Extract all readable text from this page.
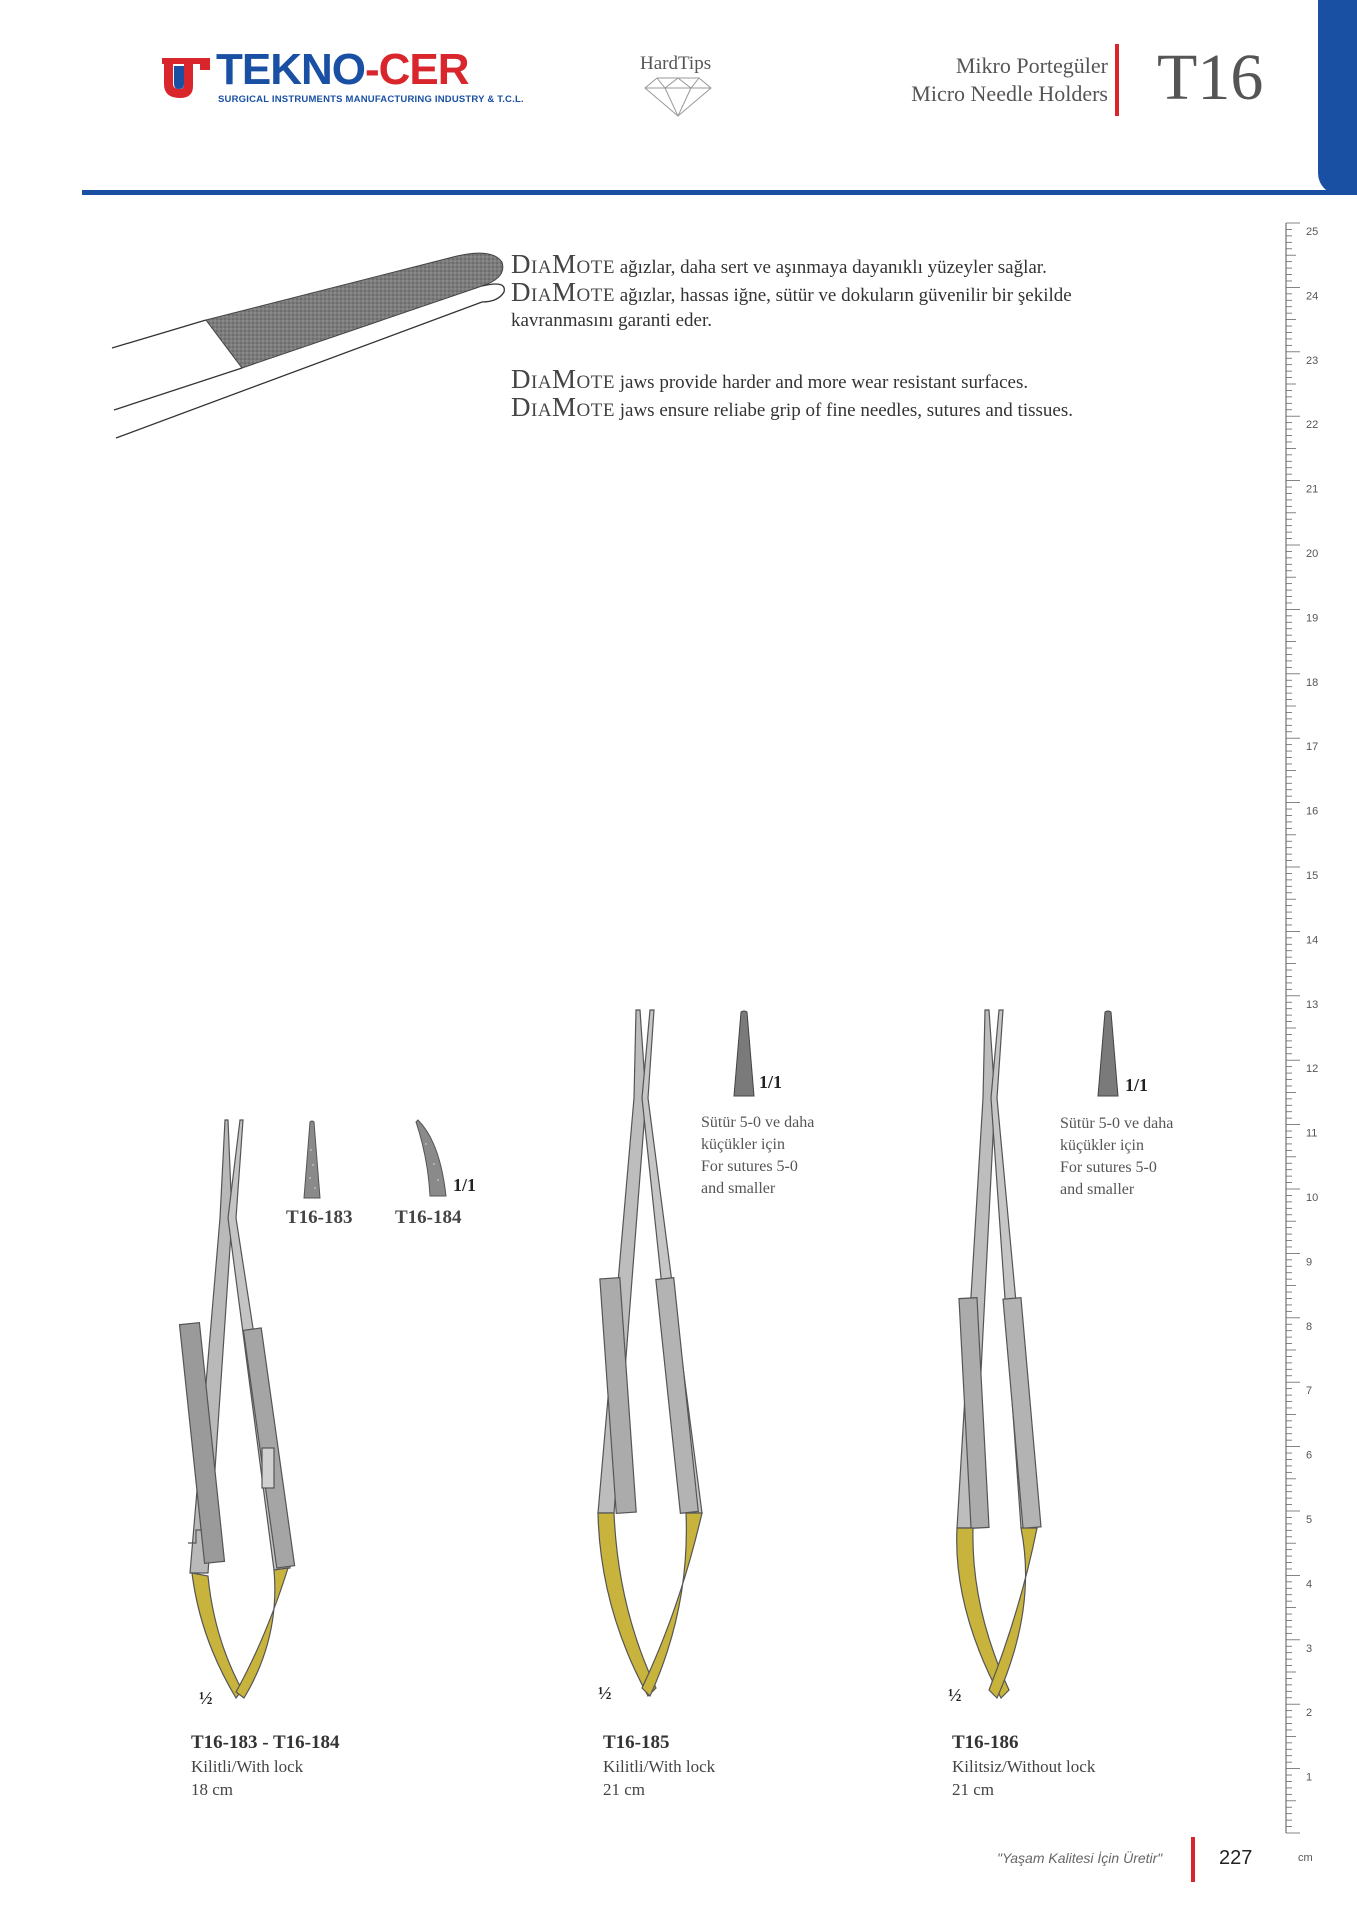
TEKNO-CER
SURGICAL INSTRUMENTS MANUFACTURING INDUSTRY & T.C.L.
HardTips	Mikro Portegüler
Micro Needle Holders T16
DiaMote ağızlar, daha sert ve aşınmaya dayanıklı yüzeyler sağlar.
DiaMote ağızlar, hassas iğne, sütür ve dokuların güvenilir bir şekilde
kavranmasını garanti eder.
DiaMote jaws provide harder and more wear resistant surfaces.
DiaMote jaws ensure reliabe grip of fine needles, sutures and tissues.
T16-183
1/1
T16-184
1/1
Sütür 5-0 ve daha
küçükler için
For sutures 5-0
and smaller
1/1
Sütür 5-0 ve daha
küçükler için
For sutures 5-0
and smaller
½	½	½
T16-183 - T16-184
Kilitli/With lock
18 cm
T16-185
Kilitli/With lock
21 cm
T16-186
Kilitsiz/Without lock
21 cm
25
24
23
22
21
20
19
18
17
16
15
14
13
12
11
10
9
8
7
6
5
4
3
2
1
cm
"Yaşam Kalitesi İçin Üretir"	227
